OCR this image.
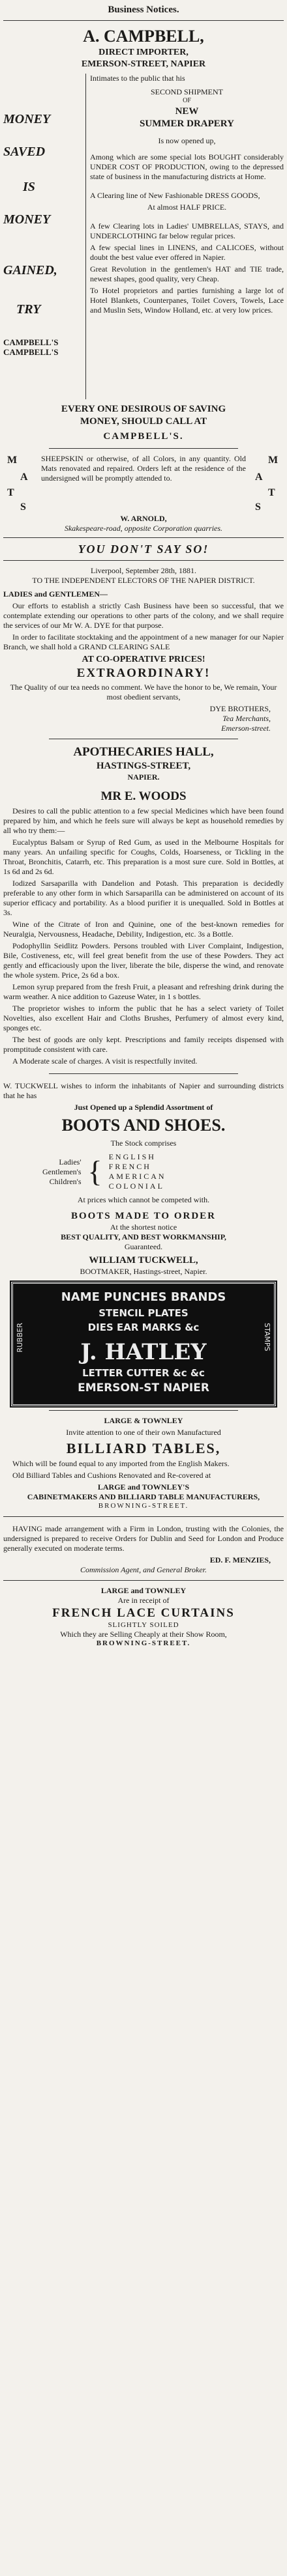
Business Notices.
A. CAMPBELL,
DIRECT IMPORTER,
EMERSON-STREET, NAPIER
MONEY
SAVED
IS
MONEY
GAINED,
TRY
CAMPBELL'S
CAMPBELL'S
Intimates to the public that his
SECOND SHIPMENT
OF
NEW
SUMMER DRAPERY
Is now opened up,

Among which are some special lots BOUGHT considerably UNDER COST OF PRODUCTION, owing to the depressed state of business in the manufacturing districts at Home.

A Clearing line of New Fashionable DRESS GOODS,

At almost HALF PRICE.

A few Clearing lots in Ladies' UMBRELLAS, STAYS, and UNDERCLOTHING far below regular prices.

A few special lines in LINENS, and CALICOES, without doubt the best value ever offered in Napier.

Great Revolution in the gentlemen's HAT and TIE trade, newest shapes, good quality, very Cheap.

To Hotel proprietors and parties furnishing a large lot of Hotel Blankets, Counterpanes, Toilet Covers, Towels, Lace and Muslin Sets, Window Holland, etc. at very low prices.

EVERY ONE DESIROUS OF SAVING
MONEY, SHOULD CALL AT
CAMPBELL'S.
M
A
T
S

SHEEPSKIN or otherwise, of all Colors, in any quantity. Old Mats renovated and repaired. Orders left at the residence of the undersigned will be promptly attended to.

M
A
T
S
W. ARNOLD,
Skakespeare-road, opposite Corporation quarries.
YOU DON'T SAY SO!
Liverpool, September 28th, 1881.
TO THE INDEPENDENT ELECTORS OF THE NAPIER DISTRICT.
LADIES and GENTLEMEN—

Our efforts to establish a strictly Cash Business have been so successful, that we contemplate extending our operations to other parts of the colony, and we shall require the services of our Mr W. A. DYE for that purpose.

In order to facilitate stocktaking and the appointment of a new manager for our Napier Branch, we shall hold a GRAND CLEARING SALE

AT CO-OPERATIVE PRICES!
EXTRAORDINARY!

The Quality of our tea needs no comment. We have the honor to be, We remain, Your most obedient servants,

DYE BROTHERS,
Tea Merchants,
Emerson-street.
APOTHECARIES HALL,
HASTINGS-STREET,
NAPIER.
MR E. WOODS

Desires to call the public attention to a few special Medicines which have been found prepared by him, and which he feels sure will always be kept as household remedies by all who try them:—

Eucalyptus Balsam or Syrup of Red Gum, as used in the Melbourne Hospitals for many years. An unfailing specific for Coughs, Colds, Hoarseness, or Tickling in the Throat, Bronchitis, Catarrh, etc. This preparation is a most sure cure. Sold in Bottles, at 1s 6d and 2s 6d.

Iodized Sarsaparilla with Dandelion and Potash. This preparation is decidedly preferable to any other form in which Sarsaparilla can be administered on account of its superior efficacy and portability. As a blood purifier it is unequalled. Sold in Bottles at 3s.

Wine of the Citrate of Iron and Quinine, one of the best-known remedies for Neuralgia, Nervousness, Headache, Debility, Indigestion, etc. 3s a Bottle.

Podophyllin Seidlitz Powders. Persons troubled with Liver Complaint, Indigestion, Bile, Costiveness, etc, will feel great benefit from the use of these Powders. They act gently and efficaciously upon the liver, liberate the bile, disperse the wind, and renovate the whole system. Price, 2s 6d a box.

Lemon syrup prepared from the fresh Fruit, a pleasant and refreshing drink during the warm weather. A nice addition to Gazeuse Water, in 1 s bottles.

The proprietor wishes to inform the public that he has a select variety of Toilet Novelties, also excellent Hair and Cloths Brushes, Perfumery of almost every kind, sponges etc.

The best of goods are only kept. Prescriptions and family receipts dispensed with promptitude consistent with care.

A Moderate scale of charges. A visit is respectfully invited.

W. TUCKWELL wishes to inform the inhabitants of Napier and surrounding districts that he has

Just Opened up a Splendid Assortment of
BOOTS AND SHOES.
The Stock comprises
Ladies'
Gentlemen's
Children's { ENGLISH
FRENCH
AMERICAN
COLONIAL
At prices which cannot be competed with.
BOOTS MADE TO ORDER
At the shortest notice
BEST QUALITY, AND BEST WORKMANSHIP,
Guaranteed.
WILLIAM TUCKWELL,
BOOTMAKER, Hastings-street, Napier.
NAME PUNCHES BRANDS
STENCIL PLATES
DIES EAR MARKS &c
J. HATLEY
LETTER CUTTER &c &c
EMERSON-ST NAPIER
RUBBER	STAMPS
LARGE & TOWNLEY

Invite attention to one of their own Manufactured

BILLIARD TABLES,

Which will be found equal to any imported from the English Makers.

Old Billiard Tables and Cushions Renovated and Re-covered at

LARGE and TOWNLEY'S
CABINETMAKERS AND BILLIARD TABLE MANUFACTURERS,
BROWNING-STREET.

HAVING made arrangement with a Firm in London, trusting with the Colonies, the undersigned is prepared to receive Orders for Dublin and Seed for London and Produce generally executed on moderate terms.

ED. F. MENZIES,
Commission Agent, and General Broker.
LARGE and TOWNLEY
Are in receipt of
FRENCH LACE CURTAINS
SLIGHTLY SOILED
Which they are Selling Cheaply at their Show Room,
BROWNING-STREET.
